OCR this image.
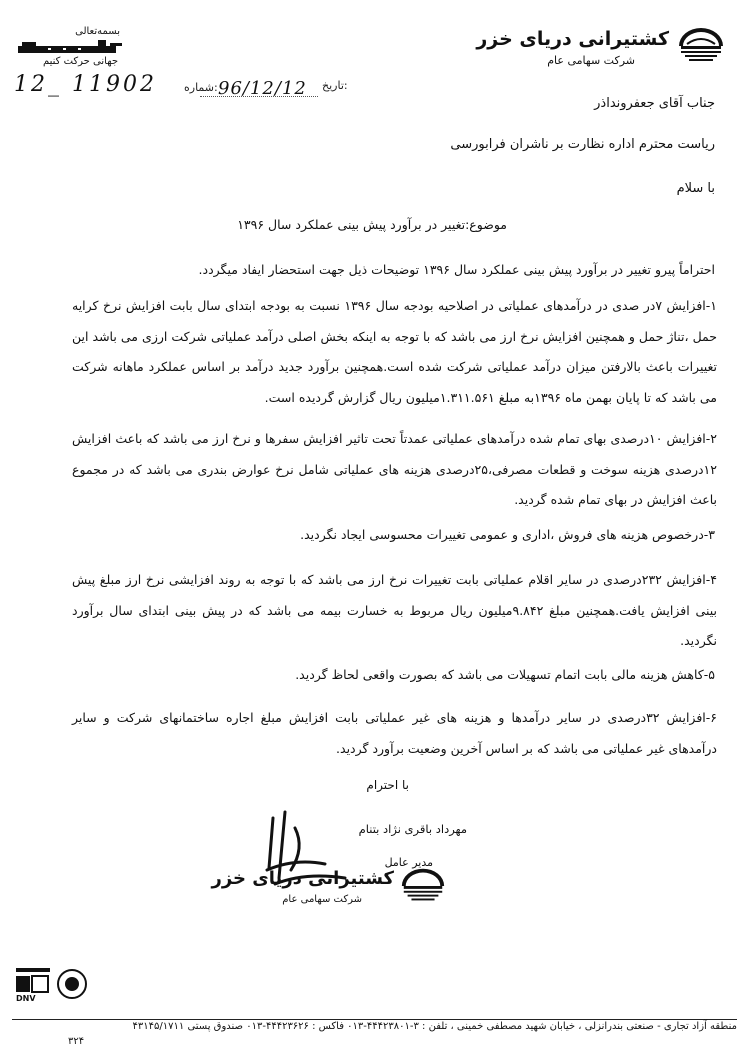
بسمه‌تعالی
جهانی حرکت کنیم
12_ 11902	تاریخ:
شماره: 96/12/12
کشتیرانی دریای خزر
شرکت سهامی عام
جناب آقای جعفرونداذر
ریاست محترم اداره نظارت بر ناشران فرابورسی
با سلام
موضوع:تغییر در برآورد پیش بینی عملکرد سال ۱۳۹۶
احتراماً پیرو تغییر در برآورد پیش بینی عملکرد سال ۱۳۹۶ توضیحات ذیل جهت استحضار ایفاد میگردد.
۱-افزایش ۷در صدی در درآمدهای عملیاتی در اصلاحیه بودجه سال ۱۳۹۶ نسبت به بودجه ابتدای سال بابت افزایش نرخ کرایه حمل ،تناژ حمل و همچنین افزایش نرخ ارز می باشد که با توجه به اینکه بخش اصلی درآمد عملیاتی شرکت ارزی می باشد این تغییرات باعث بالارفتن میزان درآمد عملیاتی شرکت شده است.همچنین برآورد جدید درآمد بر اساس عملکرد ماهانه شرکت می باشد که تا پایان بهمن ماه ۱۳۹۶به مبلغ ۱.۳۱۱.۵۶۱میلیون ریال گزارش گردیده است.
۲-افزایش ۱۰درصدی بهای تمام شده درآمدهای عملیاتی عمدتاً تحت تاثیر افزایش سفرها و نرخ ارز می باشد که باعث افزایش ۱۲درصدی هزینه سوخت و قطعات مصرفی،۲۵درصدی هزینه های عملیاتی شامل نرخ عوارض بندری می باشد که در مجموع باعث افزایش در بهای تمام شده گردید.
۳-درخصوص هزینه های فروش ،اداری و عمومی تغییرات محسوسی ایجاد نگردید.
۴-افزایش ۲۳۲درصدی در سایر اقلام عملیاتی بابت تغییرات نرخ ارز می باشد که با توجه به روند افزایشی نرخ ارز مبلغ پیش بینی افزایش یافت.همچنین مبلغ ۹.۸۴۲میلیون ریال مربوط به خسارت بیمه می باشد که در پیش بینی ابتدای سال برآورد نگردید.
۵-کاهش هزینه مالی بابت اتمام تسهیلات می باشد که بصورت واقعی لحاظ گردید.
۶-افزایش ۳۲درصدی در سایر درآمدها و هزینه های غیر عملیاتی بابت افزایش مبلغ اجاره ساختمانهای شرکت و سایر درآمدهای غیر عملیاتی می باشد که بر اساس آخرین وضعیت برآورد گردید.
با احترام
مهرداد باقری نژاد بتنام
مدیر عامل
کشتیرانی دریای خزر
شرکت سهامی عام
DNV
منطقه آزاد تجاری - صنعتی بندرانزلی ، خیابان شهید مصطفی خمینی ، تلفن : ۳-۴۴۴۲۳۸۰۱-۰۱۳ فاکس : ۴۴۴۲۳۶۲۶-۰۱۳ صندوق پستی ۴۳۱۴۵/۱۷۱۱
۳۲۴
